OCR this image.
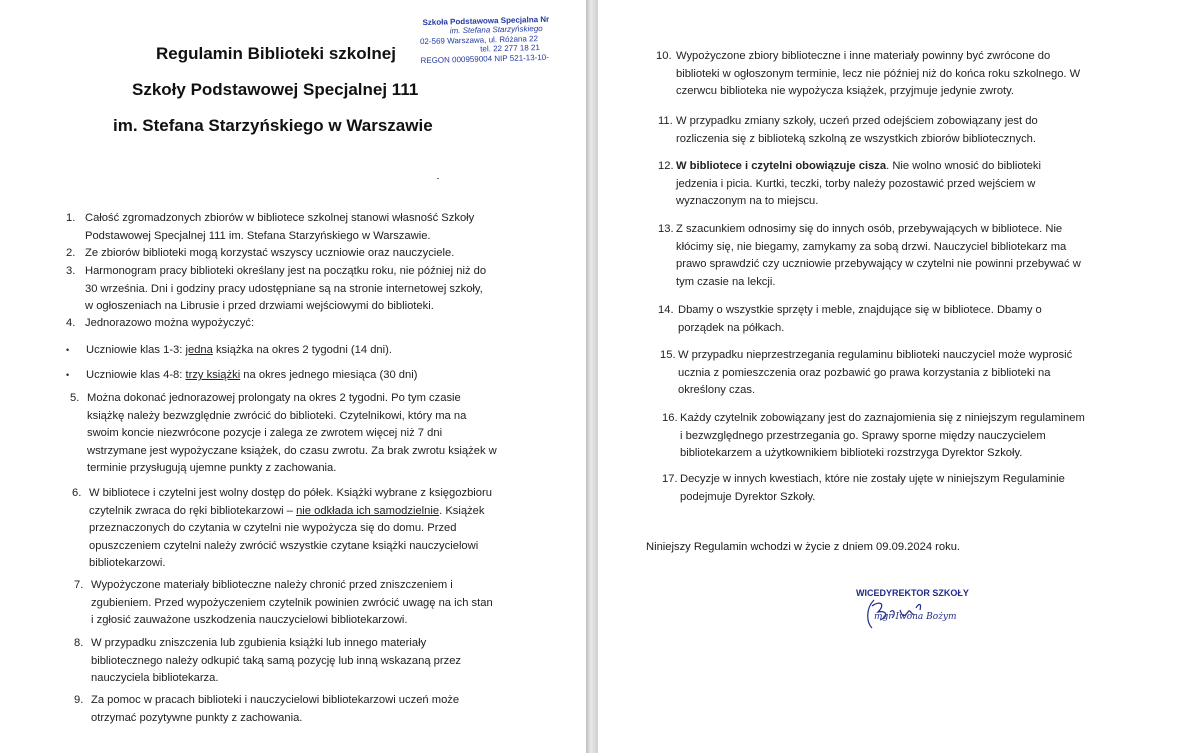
Regulamin Biblioteki szkolnej
Szkoły Podstawowej Specjalnej 111
im. Stefana Starzyńskiego w Warszawie
Szkoła Podstawowa Specjalna Nr
im. Stefana Starzyńskiego
02-569 Warszawa, ul. Różana 22
tel. 22 277 18 21
REGON 000959004 NIP 521-13-10-
1. Całość zgromadzonych zbiorów w bibliotece szkolnej stanowi własność Szkoły
Podstawowej Specjalnej 111 im. Stefana Starzyńskiego w Warszawie.
2. Ze zbiorów biblioteki mogą korzystać wszyscy uczniowie oraz nauczyciele.
3. Harmonogram pracy biblioteki określany jest na początku roku, nie później niż do
30 września. Dni i godziny pracy udostępniane są na stronie internetowej szkoły,
w ogłoszeniach na Librusie i przed drzwiami wejściowymi do biblioteki.
4. Jednorazowo można wypożyczyć:
• Uczniowie klas 1-3: jedna książka na okres 2 tygodni (14 dni).
• Uczniowie klas 4-8: trzy książki na okres jednego miesiąca (30 dni)
5. Można dokonać jednorazowej prolongaty na okres 2 tygodni. Po tym czasie
książkę należy bezwzględnie zwrócić do biblioteki. Czytelnikowi, który ma na
swoim koncie niezwrócone pozycje i zalega ze zwrotem więcej niż 7 dni
wstrzymane jest wypożyczane książek, do czasu zwrotu. Za brak zwrotu książek w
terminie przysługują ujemne punkty z zachowania.
6. W bibliotece i czytelni jest wolny dostęp do półek. Książki wybrane z księgozbioru
czytelnik zwraca do ręki bibliotekarzowi – nie odkłada ich samodzielnie. Książek
przeznaczonych do czytania w czytelni nie wypożycza się do domu. Przed
opuszczeniem czytelni należy zwrócić wszystkie czytane książki nauczycielowi
bibliotekarzowi.
7. Wypożyczone materiały biblioteczne należy chronić przed zniszczeniem i
zgubieniem. Przed wypożyczeniem czytelnik powinien zwrócić uwagę na ich stan
i zgłosić zauważone uszkodzenia nauczycielowi bibliotekarzowi.
8. W przypadku zniszczenia lub zgubienia książki lub innego materiały
bibliotecznego należy odkupić taką samą pozycję lub inną wskazaną przez
nauczyciela bibliotekarza.
9. Za pomoc w pracach biblioteki i nauczycielowi bibliotekarzowi uczeń może
otrzymać pozytywne punkty z zachowania.
10. Wypożyczone zbiory biblioteczne i inne materiały powinny być zwrócone do
biblioteki w ogłoszonym terminie, lecz nie później niż do końca roku szkolnego. W
czerwcu biblioteka nie wypożycza książek, przyjmuje jedynie zwroty.
11. W przypadku zmiany szkoły, uczeń przed odejściem zobowiązany jest do
rozliczenia się z biblioteką szkolną ze wszystkich zbiorów bibliotecznych.
12. W bibliotece i czytelni obowiązuje cisza. Nie wolno wnosić do biblioteki
jedzenia i picia. Kurtki, teczki, torby należy pozostawić przed wejściem w
wyznaczonym na to miejscu.
13. Z szacunkiem odnosimy się do innych osób, przebywających w bibliotece. Nie
kłócimy się, nie biegamy, zamykamy za sobą drzwi. Nauczyciel bibliotekarz ma
prawo sprawdzić czy uczniowie przebywający w czytelni nie powinni przebywać w
tym czasie na lekcji.
14. Dbamy o wszystkie sprzęty i meble, znajdujące się w bibliotece. Dbamy o
porządek na półkach.
15. W przypadku nieprzestrzegania regulaminu biblioteki nauczyciel może wyprosić
ucznia z pomieszczenia oraz pozbawić go prawa korzystania z biblioteki na
określony czas.
16. Każdy czytelnik zobowiązany jest do zaznajomienia się z niniejszym regulaminem
i bezwzględnego przestrzegania go. Sprawy sporne między nauczycielem
bibliotekarzem a użytkownikiem biblioteki rozstrzyga Dyrektor Szkoły.
17. Decyzje w innych kwestiach, które nie zostały ujęte w niniejszym Regulaminie
podejmuje Dyrektor Szkoły.
Niniejszy Regulamin wchodzi w życie z dniem 09.09.2024 roku.
WICEDYREKTOR SZKOŁY
mgr Iwona Bożym
